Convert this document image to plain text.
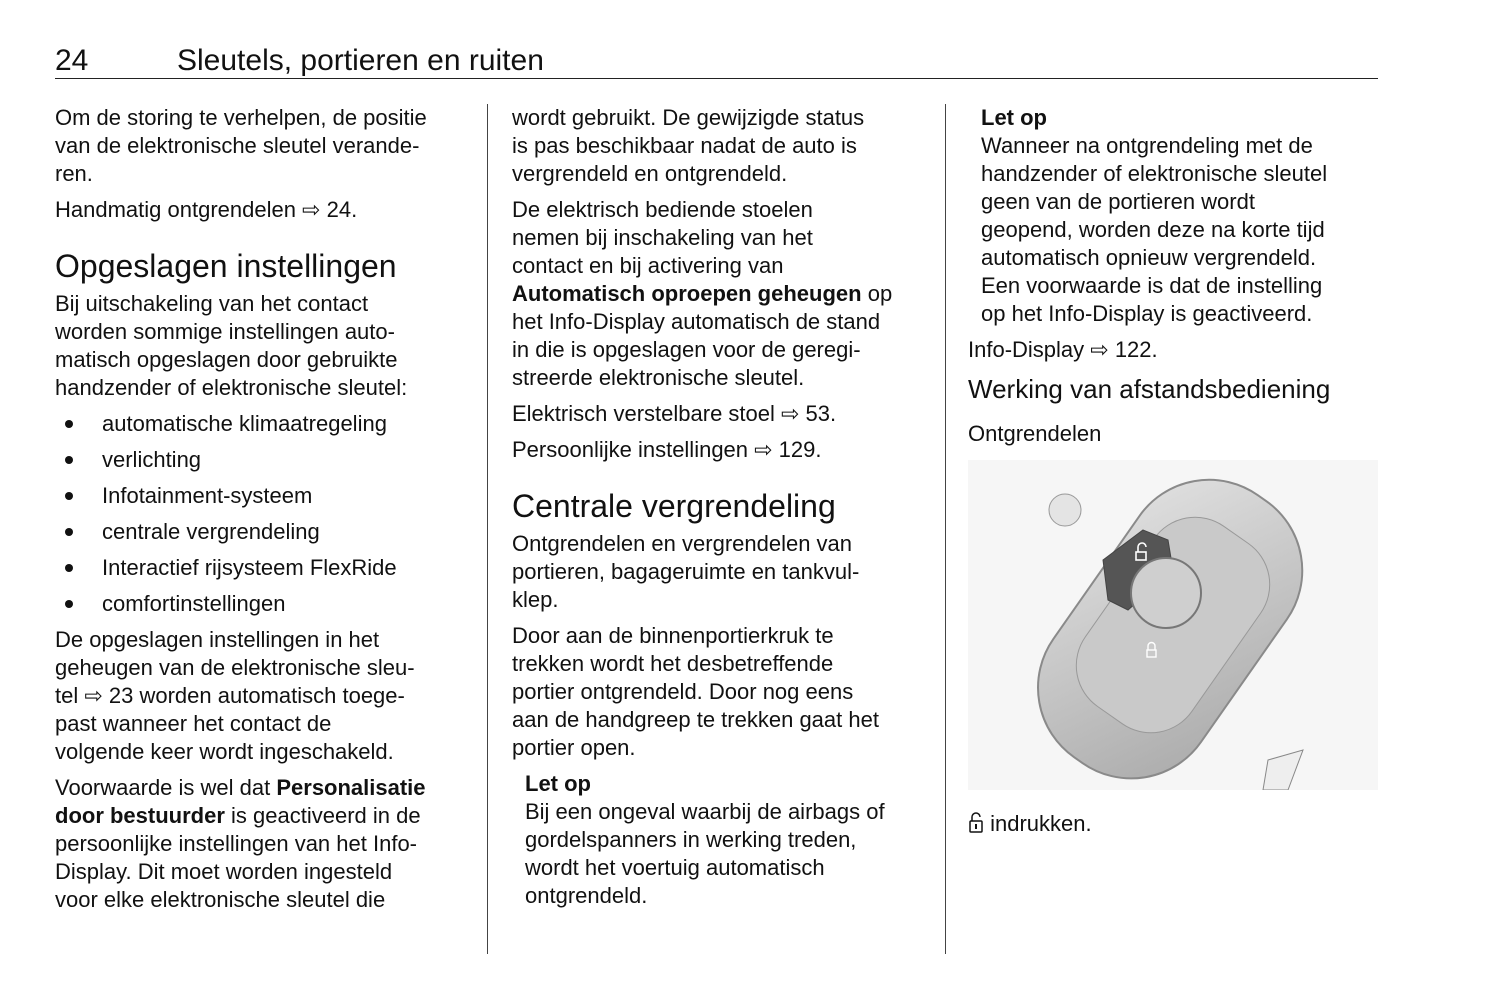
24	Sleutels, portieren en ruiten
Om de storing te verhelpen, de positie
van de elektronische sleutel verande-
ren.
Handmatig ontgrendelen ⇨ 24.
Opgeslagen instellingen
Bij uitschakeling van het contact
worden sommige instellingen auto-
matisch opgeslagen door gebruikte
handzender of elektronische sleutel:
automatische klimaatregeling
verlichting
Infotainment-systeem
centrale vergrendeling
Interactief rijsysteem FlexRide
comfortinstellingen
De opgeslagen instellingen in het
geheugen van de elektronische sleu-
tel ⇨ 23 worden automatisch toege-
past wanneer het contact de
volgende keer wordt ingeschakeld.
Voorwaarde is wel dat Personalisatie
door bestuurder is geactiveerd in de
persoonlijke instellingen van het Info-
Display. Dit moet worden ingesteld
voor elke elektronische sleutel die
wordt gebruikt. De gewijzigde status
is pas beschikbaar nadat de auto is
vergrendeld en ontgrendeld.
De elektrisch bediende stoelen
nemen bij inschakeling van het
contact en bij activering van
Automatisch oproepen geheugen op
het Info-Display automatisch de stand
in die is opgeslagen voor de geregi-
streerde elektronische sleutel.
Elektrisch verstelbare stoel ⇨ 53.
Persoonlijke instellingen ⇨ 129.
Centrale vergrendeling
Ontgrendelen en vergrendelen van
portieren, bagageruimte en tankvul-
klep.
Door aan de binnenportierkruk te
trekken wordt het desbetreffende
portier ontgrendeld. Door nog eens
aan de handgreep te trekken gaat het
portier open.
Let op
Bij een ongeval waarbij de airbags of
gordelspanners in werking treden,
wordt het voertuig automatisch
ontgrendeld.
Let op
Wanneer na ontgrendeling met de
handzender of elektronische sleutel
geen van de portieren wordt
geopend, worden deze na korte tijd
automatisch opnieuw vergrendeld.
Een voorwaarde is dat de instelling
op het Info-Display is geactiveerd.
Info-Display ⇨ 122.
Werking van afstandsbediening
Ontgrendelen
indrukken.
